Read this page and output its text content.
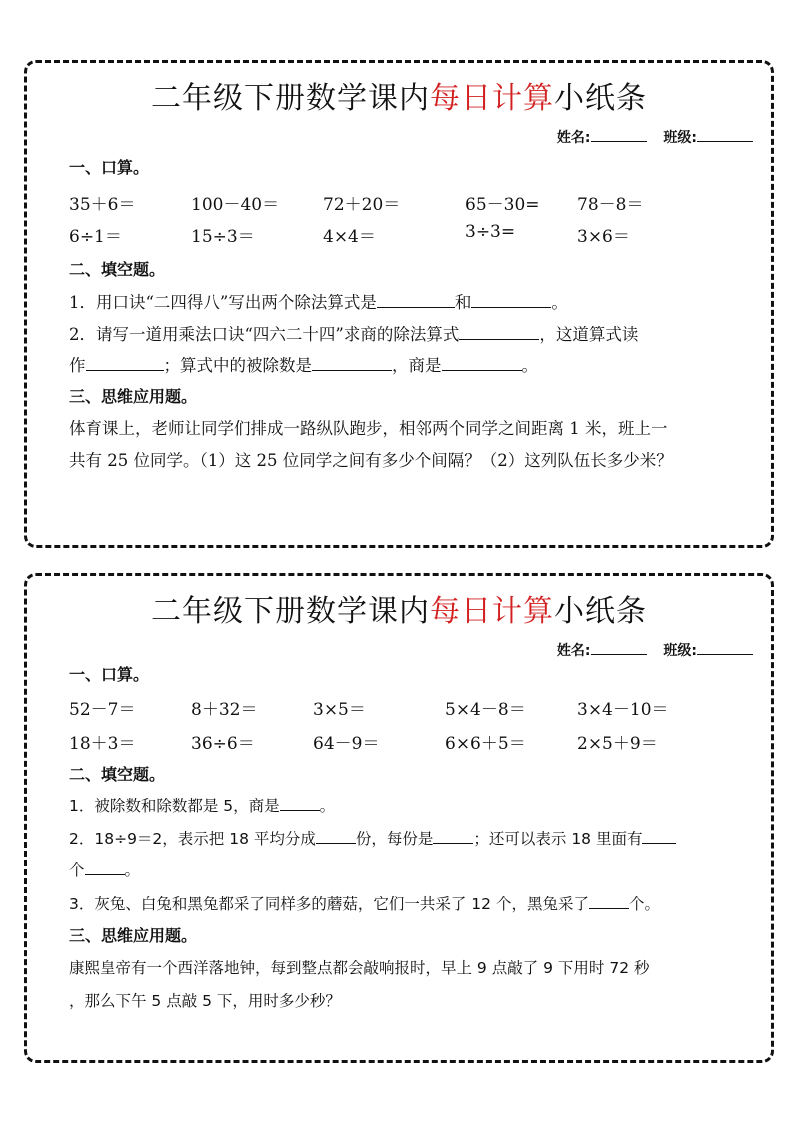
二年级下册数学课内每日计算小纸条
姓名:	班级:
一、口算。
35＋6＝	100－40＝	72＋20＝	65－30= 78－8＝
6÷1＝	15÷3＝	4×4＝	3÷3=	3×6＝
二、填空题。
1．用口诀“二四得八”写出两个除法算式是	和	。
2．请写一道用乘法口诀“四六二十四”求商的除法算式	，这道算式读
作	；算式中的被除数是	，商是	。
三、思维应用题。
体育课上，老师让同学们排成一路纵队跑步，相邻两个同学之间距离 1 米，班上一
共有 25 位同学。（1）这 25 位同学之间有多少个间隔？（2）这列队伍长多少米？
二年级下册数学课内每日计算小纸条
姓名:	班级:
一、口算。
52－7＝	8＋32＝	3×5＝	5×4－8＝	3×4－10＝
18＋3＝	36÷6＝	64－9＝	6×6＋5＝	2×5＋9＝
二、填空题。
1．被除数和除数都是 5，商是	。
2．18÷9＝2，表示把 18 平均分成	份，每份是	；还可以表示 18 里面有
个	。
3．灰兔、白兔和黑兔都采了同样多的蘑菇，它们一共采了 12 个，黑兔采了	个。
三、思维应用题。
康熙皇帝有一个西洋落地钟，每到整点都会敲响报时，早上 9 点敲了 9 下用时 72 秒
，那么下午 5 点敲 5 下，用时多少秒？
